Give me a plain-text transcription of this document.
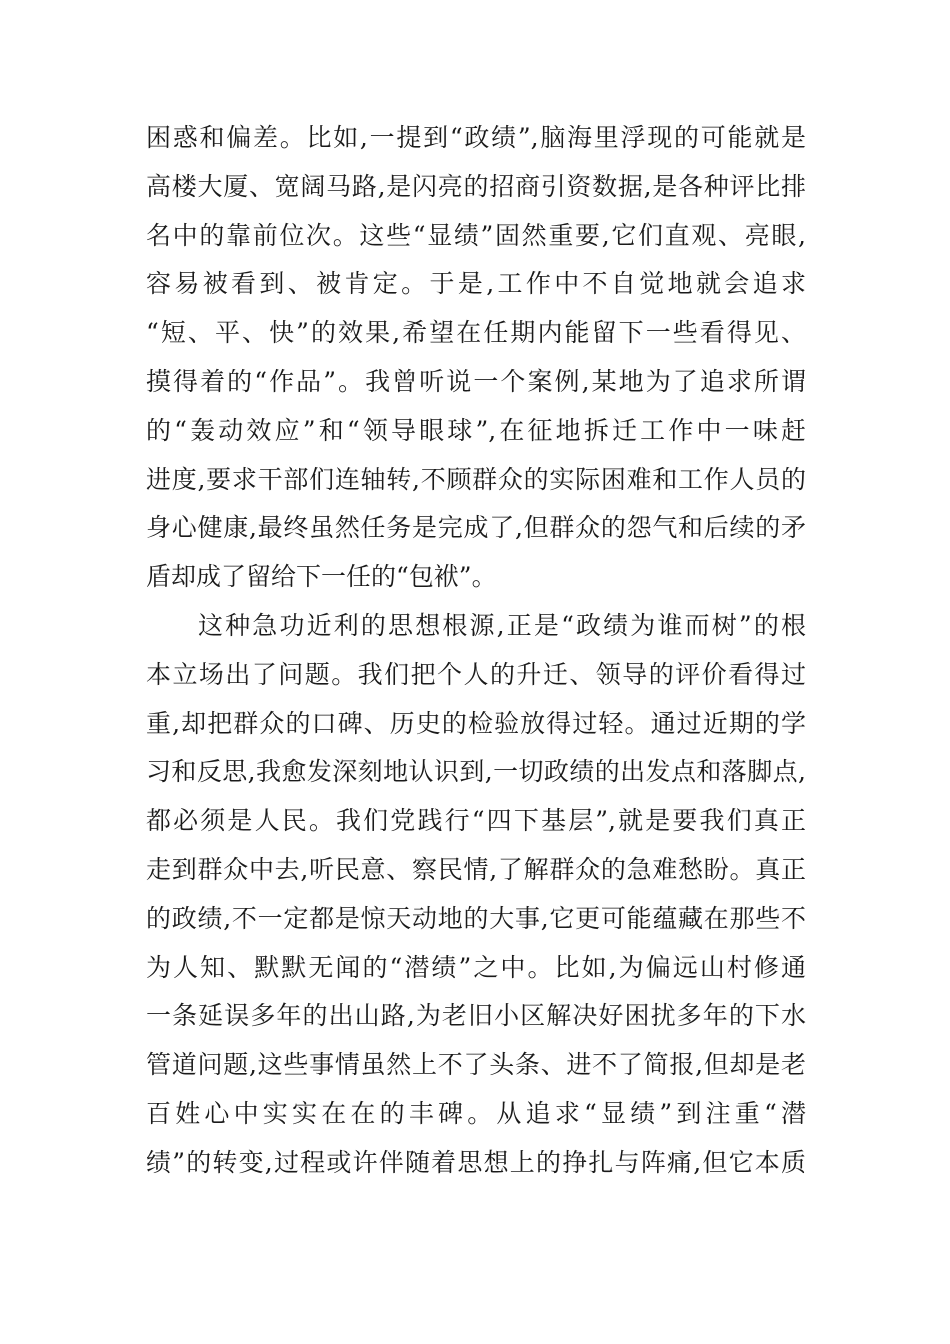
困惑和偏差。比如,一提到“政绩”,脑海里浮现的可能就是
高楼大厦、宽阔马路,是闪亮的招商引资数据,是各种评比排
名中的靠前位次。这些“显绩”固然重要,它们直观、亮眼,
容易被看到、被肯定。于是,工作中不自觉地就会追求
“短、平、快”的效果,希望在任期内能留下一些看得见、
摸得着的“作品”。我曾听说一个案例,某地为了追求所谓
的“轰动效应”和“领导眼球”,在征地拆迁工作中一味赶
进度,要求干部们连轴转,不顾群众的实际困难和工作人员的
身心健康,最终虽然任务是完成了,但群众的怨气和后续的矛
盾却成了留给下一任的“包袱”。
这种急功近利的思想根源,正是“政绩为谁而树”的根
本立场出了问题。我们把个人的升迁、领导的评价看得过
重,却把群众的口碑、历史的检验放得过轻。通过近期的学
习和反思,我愈发深刻地认识到,一切政绩的出发点和落脚点,
都必须是人民。我们党践行“四下基层”,就是要我们真正
走到群众中去,听民意、察民情,了解群众的急难愁盼。真正
的政绩,不一定都是惊天动地的大事,它更可能蕴藏在那些不
为人知、默默无闻的“潜绩”之中。比如,为偏远山村修通
一条延误多年的出山路,为老旧小区解决好困扰多年的下水
管道问题,这些事情虽然上不了头条、进不了简报,但却是老
百姓心中实实在在的丰碑。从追求“显绩”到注重“潜
绩”的转变,过程或许伴随着思想上的挣扎与阵痛,但它本质
